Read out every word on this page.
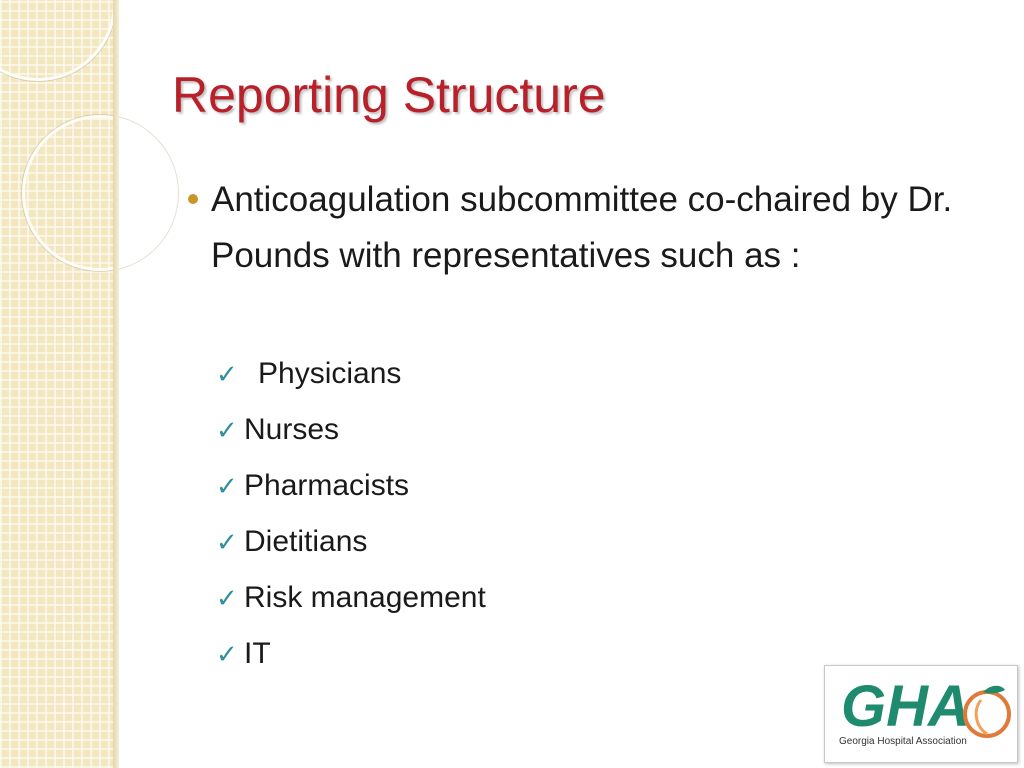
Reporting Structure
Anticoagulation subcommittee co-chaired by Dr. Pounds with representatives such as :
✓ Physicians
✓ Nurses
✓ Pharmacists
✓ Dietitians
✓ Risk management
✓ IT
GHA
Georgia Hospital Association
